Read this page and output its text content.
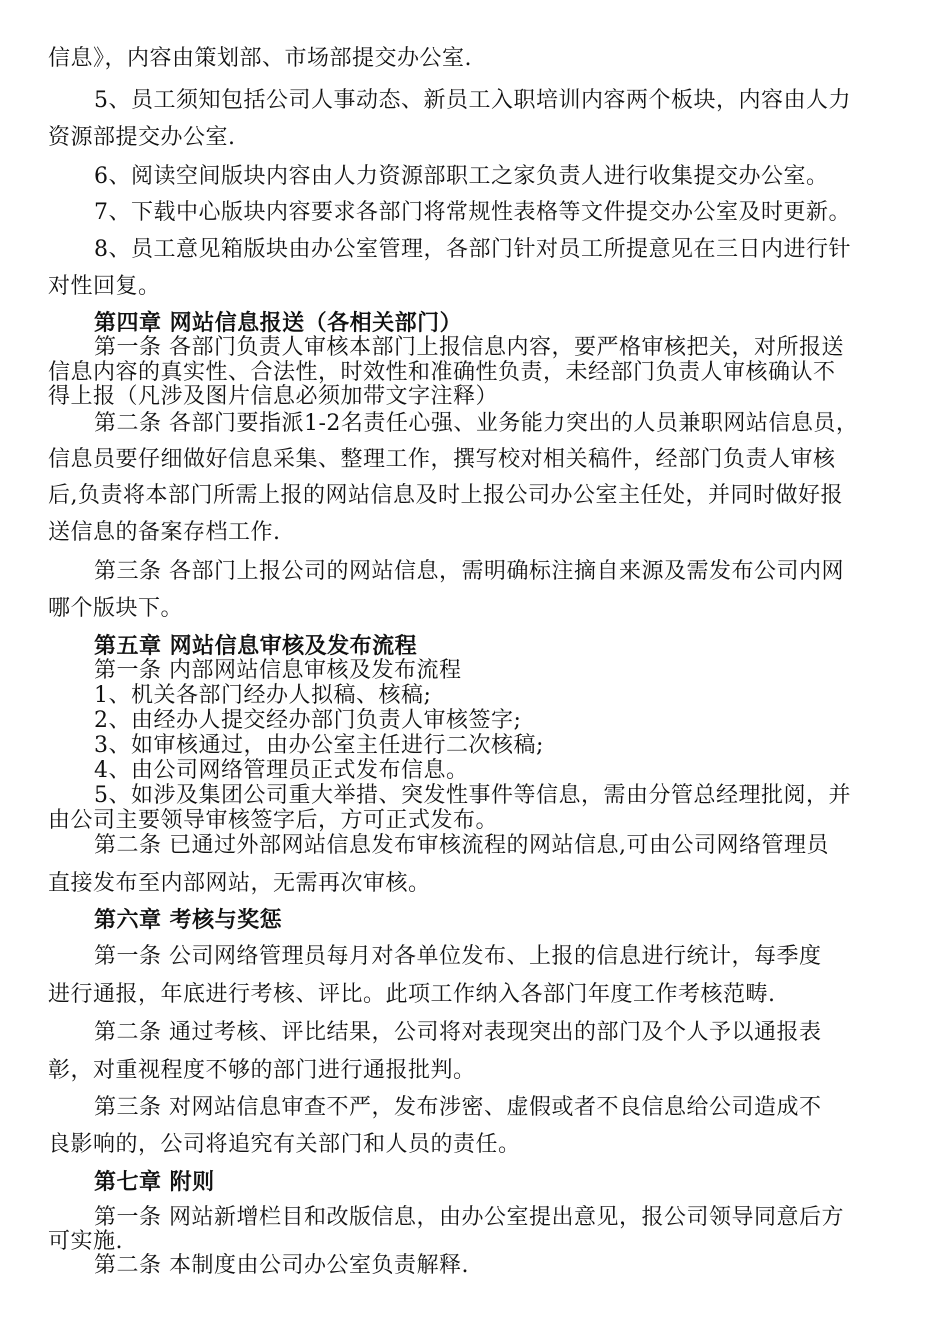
信息》，内容由策划部、市场部提交办公室.
5、员工须知包括公司人事动态、新员工入职培训内容两个板块，内容由人力
资源部提交办公室.
6、阅读空间版块内容由人力资源部职工之家负责人进行收集提交办公室。
7、下载中心版块内容要求各部门将常规性表格等文件提交办公室及时更新。
8、员工意见箱版块由办公室管理，各部门针对员工所提意见在三日内进行针
对性回复。
第四章 网站信息报送（各相关部门）
第一条 各部门负责人审核本部门上报信息内容，要严格审核把关，对所报送
信息内容的真实性、合法性，时效性和准确性负责，未经部门负责人审核确认不
得上报（凡涉及图片信息必须加带文字注释）
第二条 各部门要指派1-2名责任心强、业务能力突出的人员兼职网站信息员，
信息员要仔细做好信息采集、整理工作，撰写校对相关稿件，经部门负责人审核
后,负责将本部门所需上报的网站信息及时上报公司办公室主任处，并同时做好报
送信息的备案存档工作.
第三条 各部门上报公司的网站信息，需明确标注摘自来源及需发布公司内网
哪个版块下。
第五章 网站信息审核及发布流程
第一条 内部网站信息审核及发布流程
1、机关各部门经办人拟稿、核稿;
2、由经办人提交经办部门负责人审核签字;
3、如审核通过，由办公室主任进行二次核稿;
4、由公司网络管理员正式发布信息。
5、如涉及集团公司重大举措、突发性事件等信息，需由分管总经理批阅，并
由公司主要领导审核签字后，方可正式发布。
第二条 已通过外部网站信息发布审核流程的网站信息,可由公司网络管理员
直接发布至内部网站，无需再次审核。
第六章 考核与奖惩
第一条 公司网络管理员每月对各单位发布、上报的信息进行统计，每季度
进行通报，年底进行考核、评比。此项工作纳入各部门年度工作考核范畴.
第二条 通过考核、评比结果，公司将对表现突出的部门及个人予以通报表
彰，对重视程度不够的部门进行通报批判。
第三条 对网站信息审查不严，发布涉密、虚假或者不良信息给公司造成不
良影响的，公司将追究有关部门和人员的责任。
第七章 附则
第一条 网站新增栏目和改版信息，由办公室提出意见，报公司领导同意后方
可实施.
第二条 本制度由公司办公室负责解释.
